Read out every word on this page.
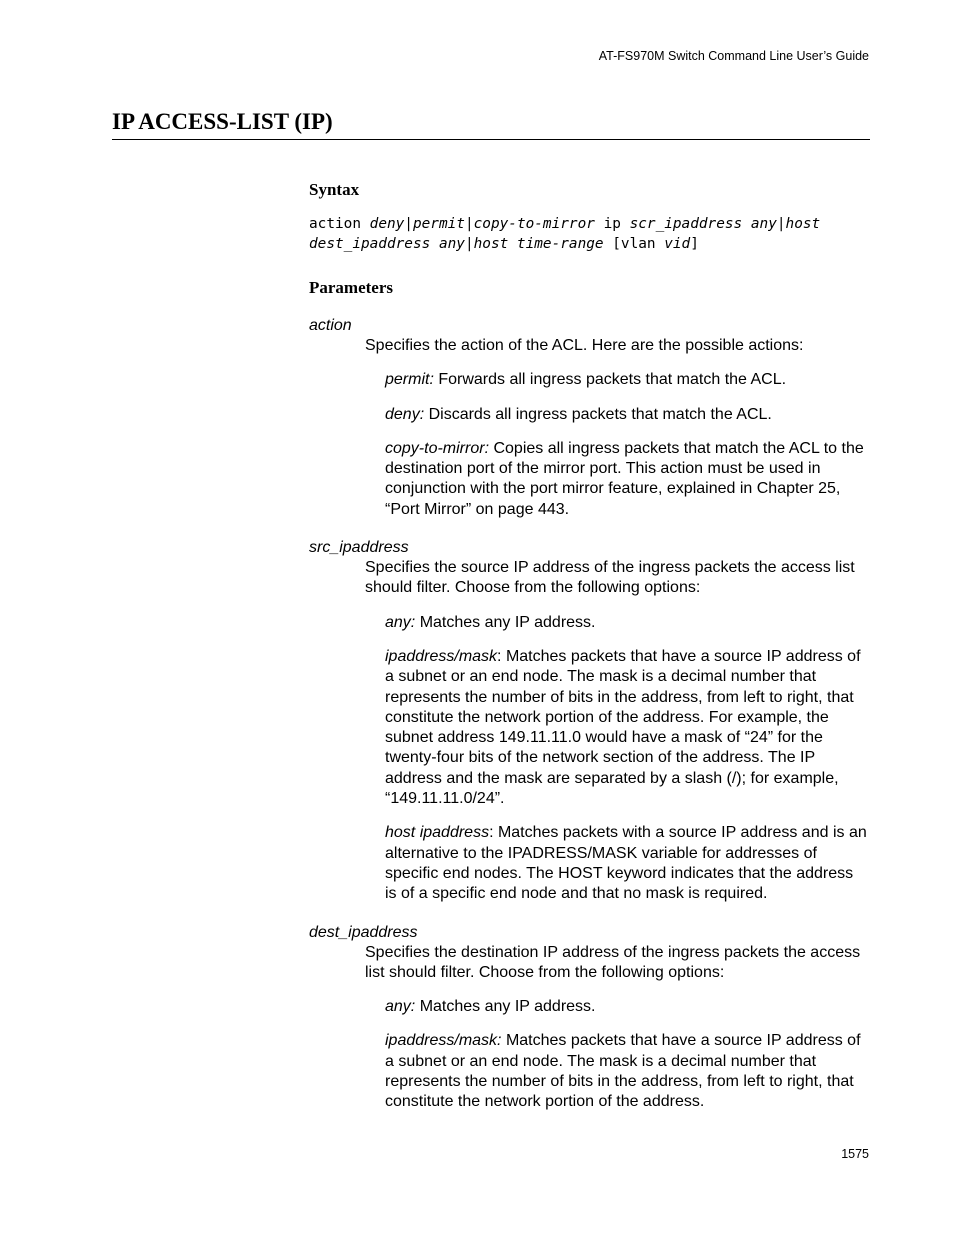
AT-FS970M Switch Command Line User’s Guide
IP ACCESS-LIST (IP)
Syntax
action deny|permit|copy-to-mirror ip scr_ipaddress any|host
dest_ipaddress any|host time-range [vlan vid]
Parameters
action
Specifies the action of the ACL. Here are the possible actions:
permit: Forwards all ingress packets that match the ACL.
deny: Discards all ingress packets that match the ACL.
copy-to-mirror: Copies all ingress packets that match the ACL to the destination port of the mirror port. This action must be used in conjunction with the port mirror feature, explained in Chapter 25, “Port Mirror” on page 443.
src_ipaddress
Specifies the source IP address of the ingress packets the access list should filter. Choose from the following options:
any: Matches any IP address.
ipaddress/mask: Matches packets that have a source IP address of a subnet or an end node. The mask is a decimal number that represents the number of bits in the address, from left to right, that constitute the network portion of the address. For example, the subnet address 149.11.11.0 would have a mask of “24” for the twenty-four bits of the network section of the address. The IP address and the mask are separated by a slash (/); for example, “149.11.11.0/24”.
host ipaddress: Matches packets with a source IP address and is an alternative to the IPADRESS/MASK variable for addresses of specific end nodes. The HOST keyword indicates that the address is of a specific end node and that no mask is required.
dest_ipaddress
Specifies the destination IP address of the ingress packets the access list should filter. Choose from the following options:
any: Matches any IP address.
ipaddress/mask: Matches packets that have a source IP address of a subnet or an end node. The mask is a decimal number that represents the number of bits in the address, from left to right, that constitute the network portion of the address.
1575
